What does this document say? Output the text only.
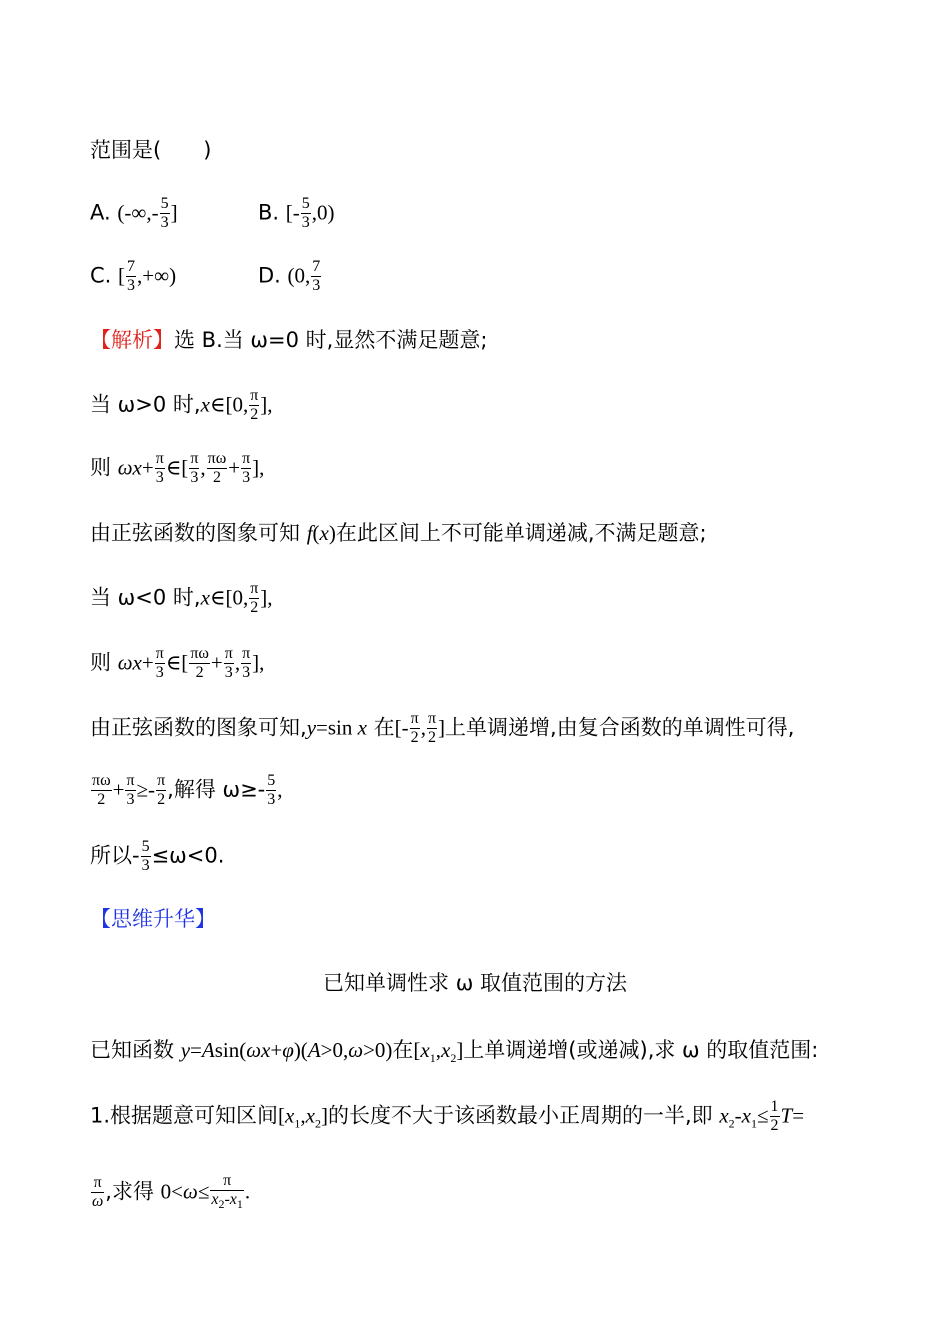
范围是(　　)
A. (-∞,- $\frac{5}{3}$ ]	B. [- $\frac{5}{3} ,0$)
C. [ $\frac{7}{3}$ ,+∞)	D. (0, $\frac{7}{3}$
【解析】选 B.当 ω=0 时,显然不满足题意;
当 ω>0 时,x∈[0, $\frac{\pi}{2}$ ],
则 $\omega x+ \frac{\pi}{3}$ ∈[ $\frac{\pi}{3}$ , $\frac{\pi\omega}{2} + \frac{\pi}{3}$ ],
由正弦函数的图象可知 f(x)在此区间上不可能单调递减,不满足题意;
当 ω<0 时,x∈[0, $\frac{\pi}{2}$ ],
则 $\omega x+ \frac{\pi}{3}$ ∈[ $\frac{\pi\omega}{2} + \frac{\pi}{3}$ , $\frac{\pi}{3}$ ],
由正弦函数的图象可知,y=sin x 在[- $\frac{\pi}{2}$ , $\frac{\pi}{2}$ ]上单调递增,由复合函数的单调性可得,
$\frac{\pi\omega}{2} + \frac{\pi}{3} \ge- \frac{\pi}{2}$ ,解得 $\omega\ge- \frac{5}{3}$ ,
所以- $\frac{5}{3} \le\omega<0$.
【思维升华】
已知单调性求 ω 取值范围的方法
已知函数 y=Asin(ωx+φ)(A>0,ω>0)在$[x_1,x_2]$上单调递增(或递减),求 ω 的取值范围:
1.根据题意可知区间$[x_1,x_2]$的长度不大于该函数最小正周期的一半,即 $x_2-x_1\le \frac{1}{2} T=$
$\frac{\pi}{\omega}$ ,求得 $0<\omega\le \frac{\pi}{x_2-x_1}$ .
